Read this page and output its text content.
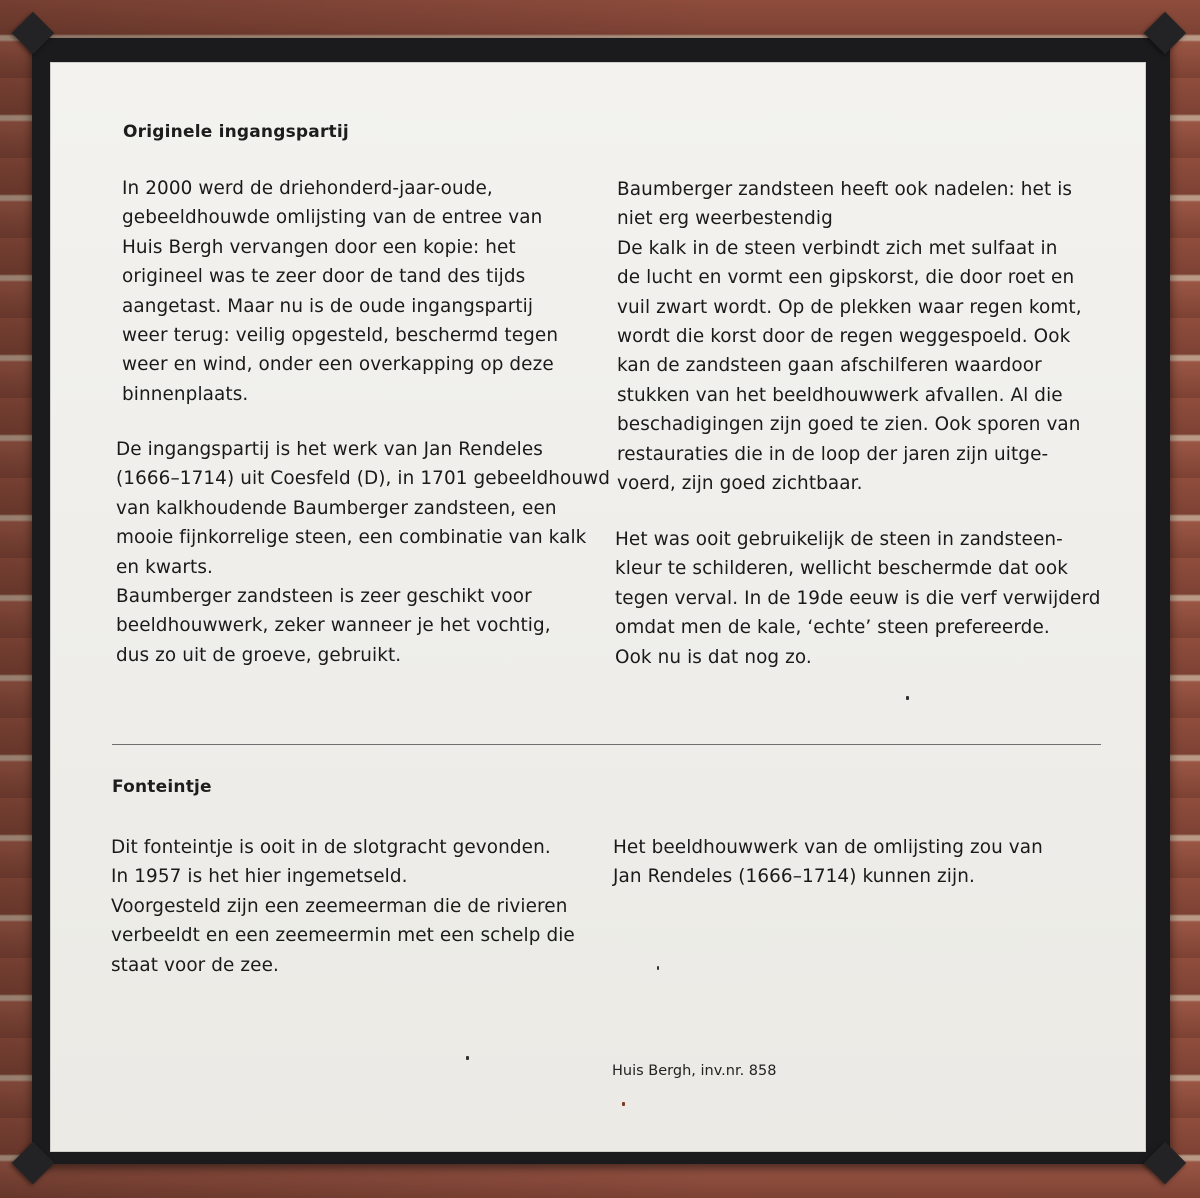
Originele ingangspartij
In 2000 werd de driehonderd-jaar-oude,
gebeeldhouwde omlijsting van de entree van
Huis Bergh vervangen door een kopie: het
origineel was te zeer door de tand des tijds
aangetast. Maar nu is de oude ingangspartij
weer terug: veilig opgesteld, beschermd tegen
weer en wind, onder een overkapping op deze
binnenplaats.
De ingangspartij is het werk van Jan Rendeles
(1666–1714) uit Coesfeld (D), in 1701 gebeeldhouwd
van kalkhoudende Baumberger zandsteen, een
mooie fijnkorrelige steen, een combinatie van kalk
en kwarts.
Baumberger zandsteen is zeer geschikt voor
beeldhouwwerk, zeker wanneer je het vochtig,
dus zo uit de groeve, gebruikt.
Baumberger zandsteen heeft ook nadelen: het is
niet erg weerbestendig
De kalk in de steen verbindt zich met sulfaat in
de lucht en vormt een gipskorst, die door roet en
vuil zwart wordt. Op de plekken waar regen komt,
wordt die korst door de regen weggespoeld. Ook
kan de zandsteen gaan afschilferen waardoor
stukken van het beeldhouwwerk afvallen. Al die
beschadigingen zijn goed te zien. Ook sporen van
restauraties die in de loop der jaren zijn uitge-
voerd, zijn goed zichtbaar.
Het was ooit gebruikelijk de steen in zandsteen-
kleur te schilderen, wellicht beschermde dat ook
tegen verval. In de 19de eeuw is die verf verwijderd
omdat men de kale, ‘echte’ steen prefereerde.
Ook nu is dat nog zo.
Fonteintje
Dit fonteintje is ooit in de slotgracht gevonden.
In 1957 is het hier ingemetseld.
Voorgesteld zijn een zeemeerman die de rivieren
verbeeldt en een zeemeermin met een schelp die
staat voor de zee.
Het beeldhouwwerk van de omlijsting zou van
Jan Rendeles (1666–1714) kunnen zijn.
Huis Bergh, inv.nr. 858
